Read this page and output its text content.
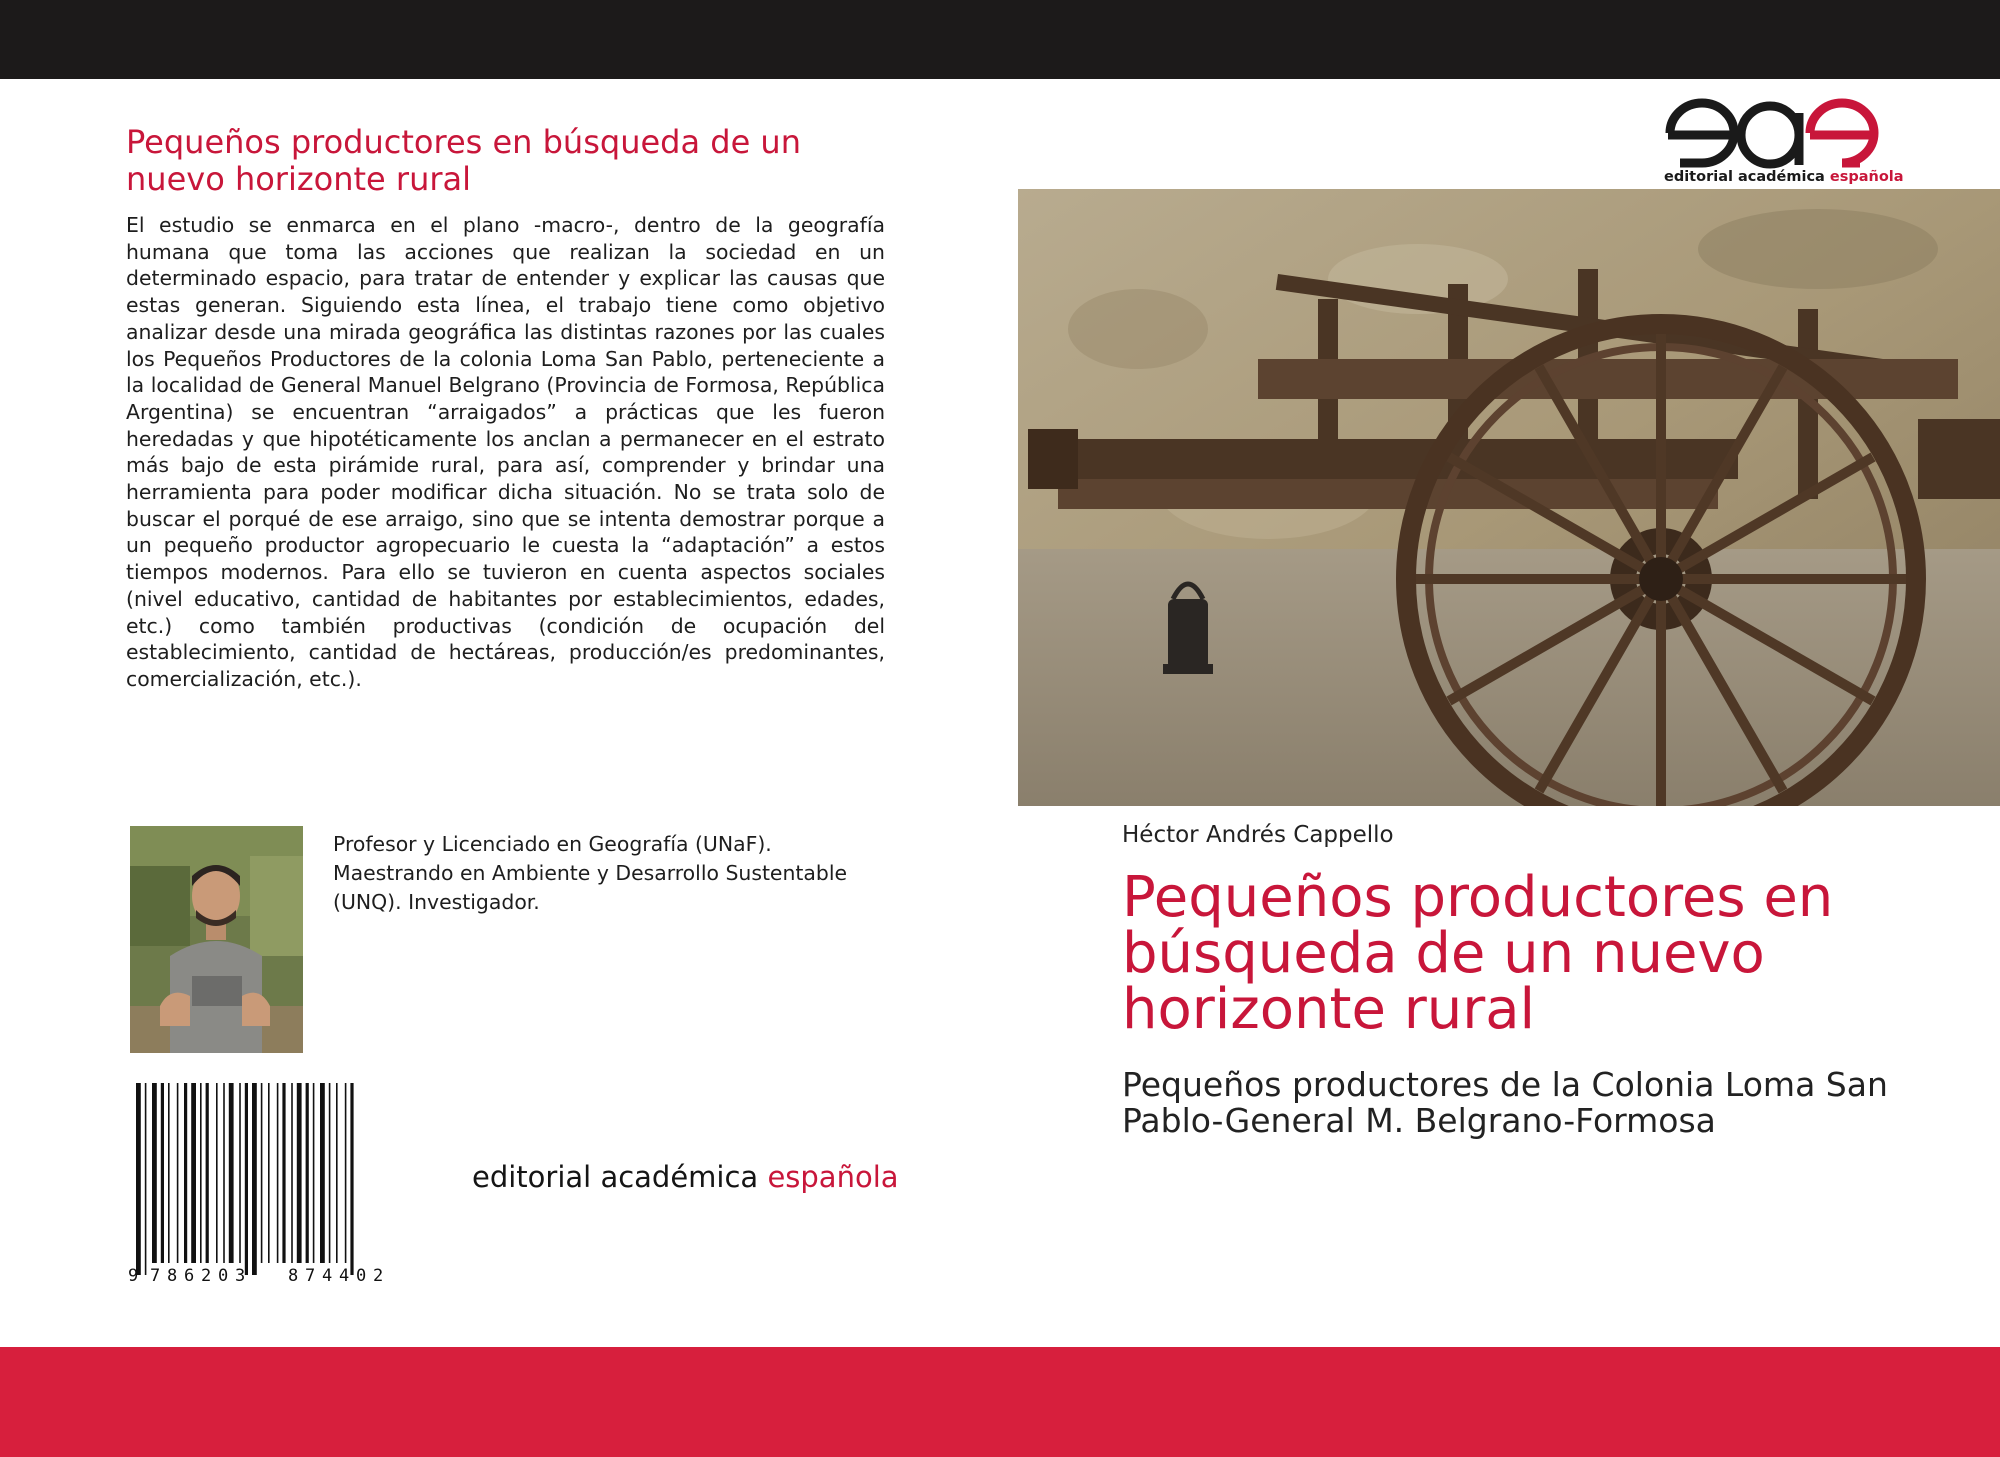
Pequeños productores en búsqueda de un nuevo horizonte rural

El estudio se enmarca en el plano -macro-, dentro de la geografía humana que toma las acciones que realizan la sociedad en un determinado espacio, para tratar de entender y explicar las causas que estas generan. Siguiendo esta línea, el trabajo tiene como objetivo analizar desde una mirada geográfica las distintas razones por las cuales los Pequeños Productores de la colonia Loma San Pablo, perteneciente a la localidad de General Manuel Belgrano (Provincia de Formosa, República Argentina) se encuentran “arraigados” a prácticas que les fueron heredadas y que hipotéticamente los anclan a permanecer en el estrato más bajo de esta pirámide rural, para así, comprender y brindar una herramienta para poder modificar dicha situación. No se trata solo de buscar el porqué de ese arraigo, sino que se intenta demostrar porque a un pequeño productor agropecuario le cuesta la “adaptación” a estos tiempos modernos. Para ello se tuvieron en cuenta aspectos sociales (nivel educativo, cantidad de habitantes por establecimientos, edades, etc.) como también productivas (condición de ocupación del establecimiento, cantidad de hectáreas, producción/es predominantes, comercialización, etc.).

Profesor y Licenciado en Geografía (UNaF).
Maestrando en Ambiente y Desarrollo Sustentable
(UNQ). Investigador.
9 7 8 6 2 0 3	8 7 4 4 0 2
editorial académica española
editorial académica española
Héctor Andrés Cappello
Pequeños productores en búsqueda de un nuevo horizonte rural

Pequeños productores de la Colonia Loma San Pablo-General M. Belgrano-Formosa
